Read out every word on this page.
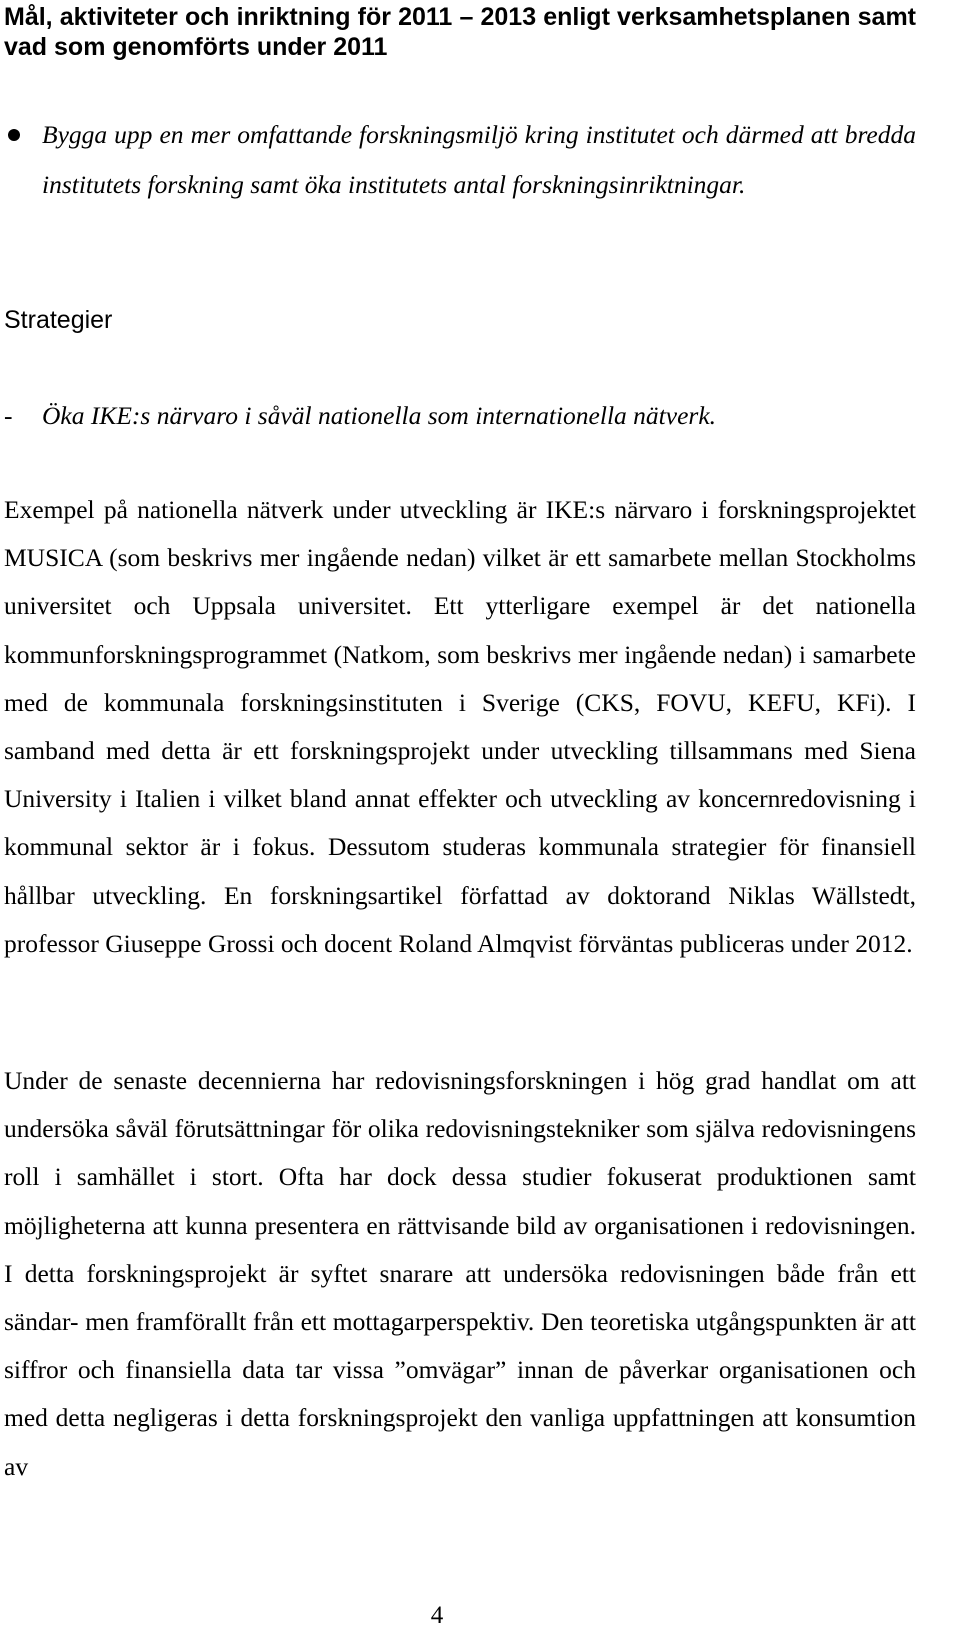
Mål, aktiviteter och inriktning för 2011 – 2013 enligt verksamhetsplanen samt vad som genomförts under 2011
Bygga upp en mer omfattande forskningsmiljö kring institutet och därmed att bredda institutets forskning samt öka institutets antal forskningsinriktningar.
Strategier
- Öka IKE:s närvaro i såväl nationella som internationella nätverk.

Exempel på nationella nätverk under utveckling är IKE:s närvaro i forskningsprojektet MUSICA (som beskrivs mer ingående nedan) vilket är ett samarbete mellan Stockholms universitet och Uppsala universitet. Ett ytterligare exempel är det nationella kommunforskningsprogrammet (Natkom, som beskrivs mer ingående nedan) i samarbete med de kommunala forskningsinstituten i Sverige (CKS, FOVU, KEFU, KFi). I samband med detta är ett forskningsprojekt under utveckling tillsammans med Siena University i Italien i vilket bland annat effekter och utveckling av koncernredovisning i kommunal sektor är i fokus. Dessutom studeras kommunala strategier för finansiell hållbar utveckling. En forskningsartikel författad av doktorand Niklas Wällstedt, professor Giuseppe Grossi och docent Roland Almqvist förväntas publiceras under 2012.

Under de senaste decennierna har redovisningsforskningen i hög grad handlat om att undersöka såväl förutsättningar för olika redovisningstekniker som själva redovisningens roll i samhället i stort. Ofta har dock dessa studier fokuserat produktionen samt möjligheterna att kunna presentera en rättvisande bild av organisationen i redovisningen. I detta forskningsprojekt är syftet snarare att undersöka redovisningen både från ett sändar- men framförallt från ett mottagarperspektiv. Den teoretiska utgångspunkten är att siffror och finansiella data tar vissa ”omvägar” innan de påverkar organisationen och med detta negligeras i detta forskningsprojekt den vanliga uppfattningen att konsumtion av

4
